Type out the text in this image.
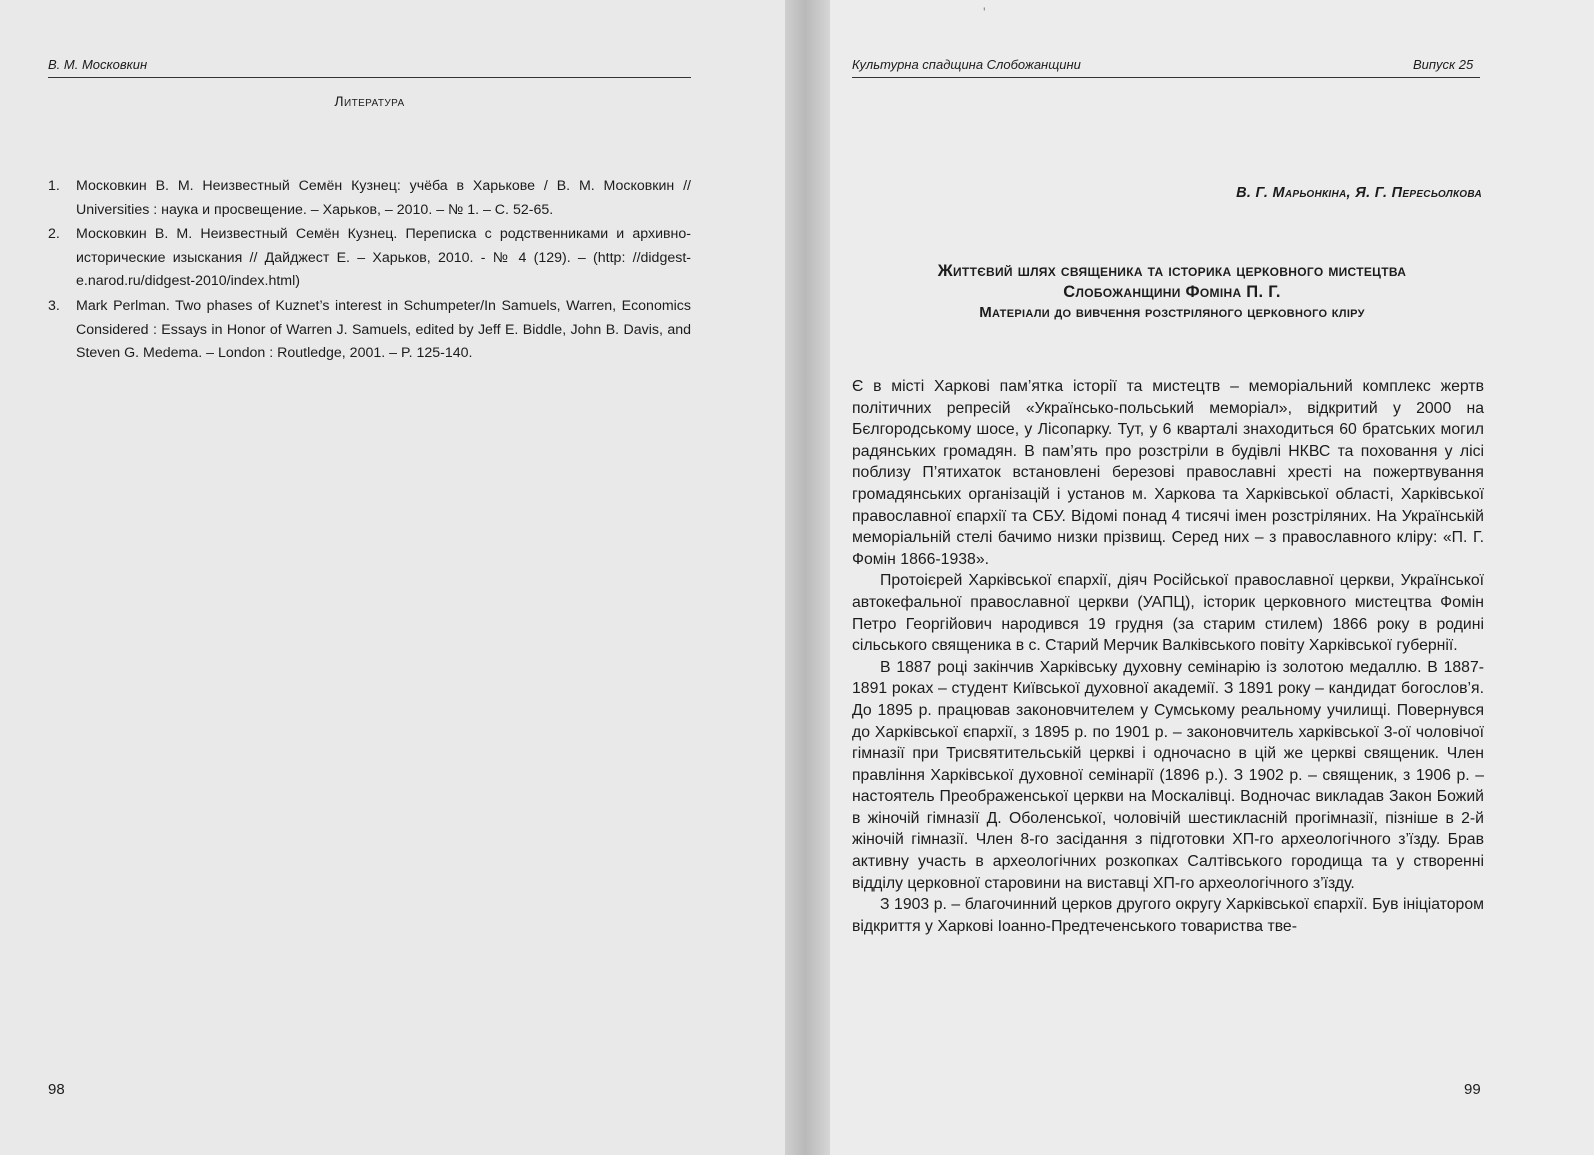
В. М. Московкин
Литература
1. Московкин В. М. Неизвестный Семён Кузнец: учёба в Харькове / В. М. Московкин // Universities : наука и просвещение. – Харьков, – 2010. – № 1. – С. 52-65.
2. Московкин В. М. Неизвестный Семён Кузнец. Переписка с родственниками и архивно-исторические изыскания // Дайджест Е. – Харьков, 2010. - № 4 (129). – (http: //didgest-e.narod.ru/didgest-2010/index.html)
3. Mark Perlman. Two phases of Kuznet’s interest in Schumpeter/In Samuels, Warren, Economics Considered : Essays in Honor of Warren J. Samuels, edited by Jeff E. Biddle, John B. Davis, and Steven G. Medema. – London : Routledge, 2001. – P. 125-140.
98
ʹ
Культурна спадщина Слобожанщини	Випуск 25
В. Г. Марьонкіна, Я. Г. Пересьолкова
Життєвий шлях священика та історика церковного мистецтва
Слобожанщини Фоміна П. Г.
Матеріали до вивчення розстріляного церковного кліру

Є в місті Харкові пам’ятка історії та мистецтв – меморіальний комплекс жертв політичних репресій «Українсько-польський меморіал», відкритий у 2000 на Бєлгородському шосе, у Лісопарку. Тут, у 6 кварталі знаходиться 60 братських могил радянських громадян. В пам’ять про розстріли в будівлі НКВС та поховання у лісі поблизу П’ятихаток встановлені березові православні хресті на пожертвування громадянських організацій і установ м. Харкова та Харківської області, Харківської православної єпархії та СБУ. Відомі понад 4 тисячі імен розстріляних. На Українській меморіальній стелі бачимо низки прізвищ. Серед них – з православного кліру: «П. Г. Фомін 1866-1938».

Протоієрей Харківської єпархії, діяч Російської православної церкви, Української автокефальної православної церкви (УАПЦ), історик церковного мистецтва Фомін Петро Георгійович народився 19 грудня (за старим стилем) 1866 року в родині сільського священика в с. Старий Мерчик Валківського повіту Харківської губернії.

В 1887 році закінчив Харківську духовну семінарію із золотою медаллю. В 1887-1891 роках – студент Київської духовної академії. З 1891 року – кандидат богослов’я. До 1895 р. працював законовчителем у Сумському реальному училищі. Повернувся до Харківської єпархії, з 1895 р. по 1901 р. – законовчитель харківської 3-ої чоловічої гімназії при Трисвятительській церкві і одночасно в цій же церкві священик. Член правління Харківської духовної семінарії (1896 р.). З 1902 р. – священик, з 1906 р. – настоятель Преображенської церкви на Москалівці. Водночас викладав Закон Божий в жіночій гімназії Д. Оболенської, чоловічій шестикласній прогімназії, пізніше в 2-й жіночій гімназії. Член 8-го засідання з підготовки ХП-го археологічного з’їзду. Брав активну участь в археологічних розкопках Салтівського городища та у створенні відділу церковної старовини на виставці ХП-го археологічного з’їзду.

З 1903 р. – благочинний церков другого округу Харківської єпархії. Був ініціатором відкриття у Харкові Іоанно-Предтеченського товариства тве-

99
